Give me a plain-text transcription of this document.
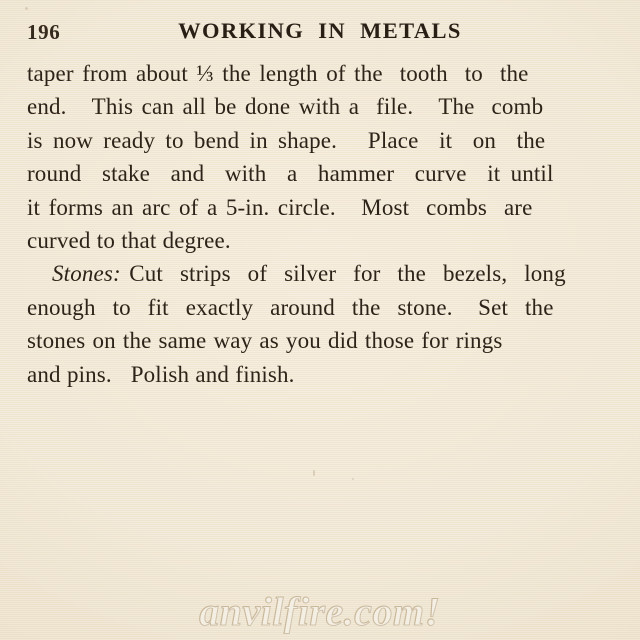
196	WORKING IN METALS

taper from about ⅓ the length of the  tooth  to  the
end.   This can all be done with a  file.   The  comb
is now ready to bend in shape.   Place  it  on  the
round  stake  and  with  a  hammer  curve  it until
it forms an arc of a 5-in. circle.   Most  combs  are
curved to that degree.

Stones: Cut  strips  of  silver  for  the  bezels,  long
enough  to  fit  exactly  around  the  stone.   Set  the
stones on the same way as you did those for rings
and pins.   Polish and finish.

anvilfire.com!
